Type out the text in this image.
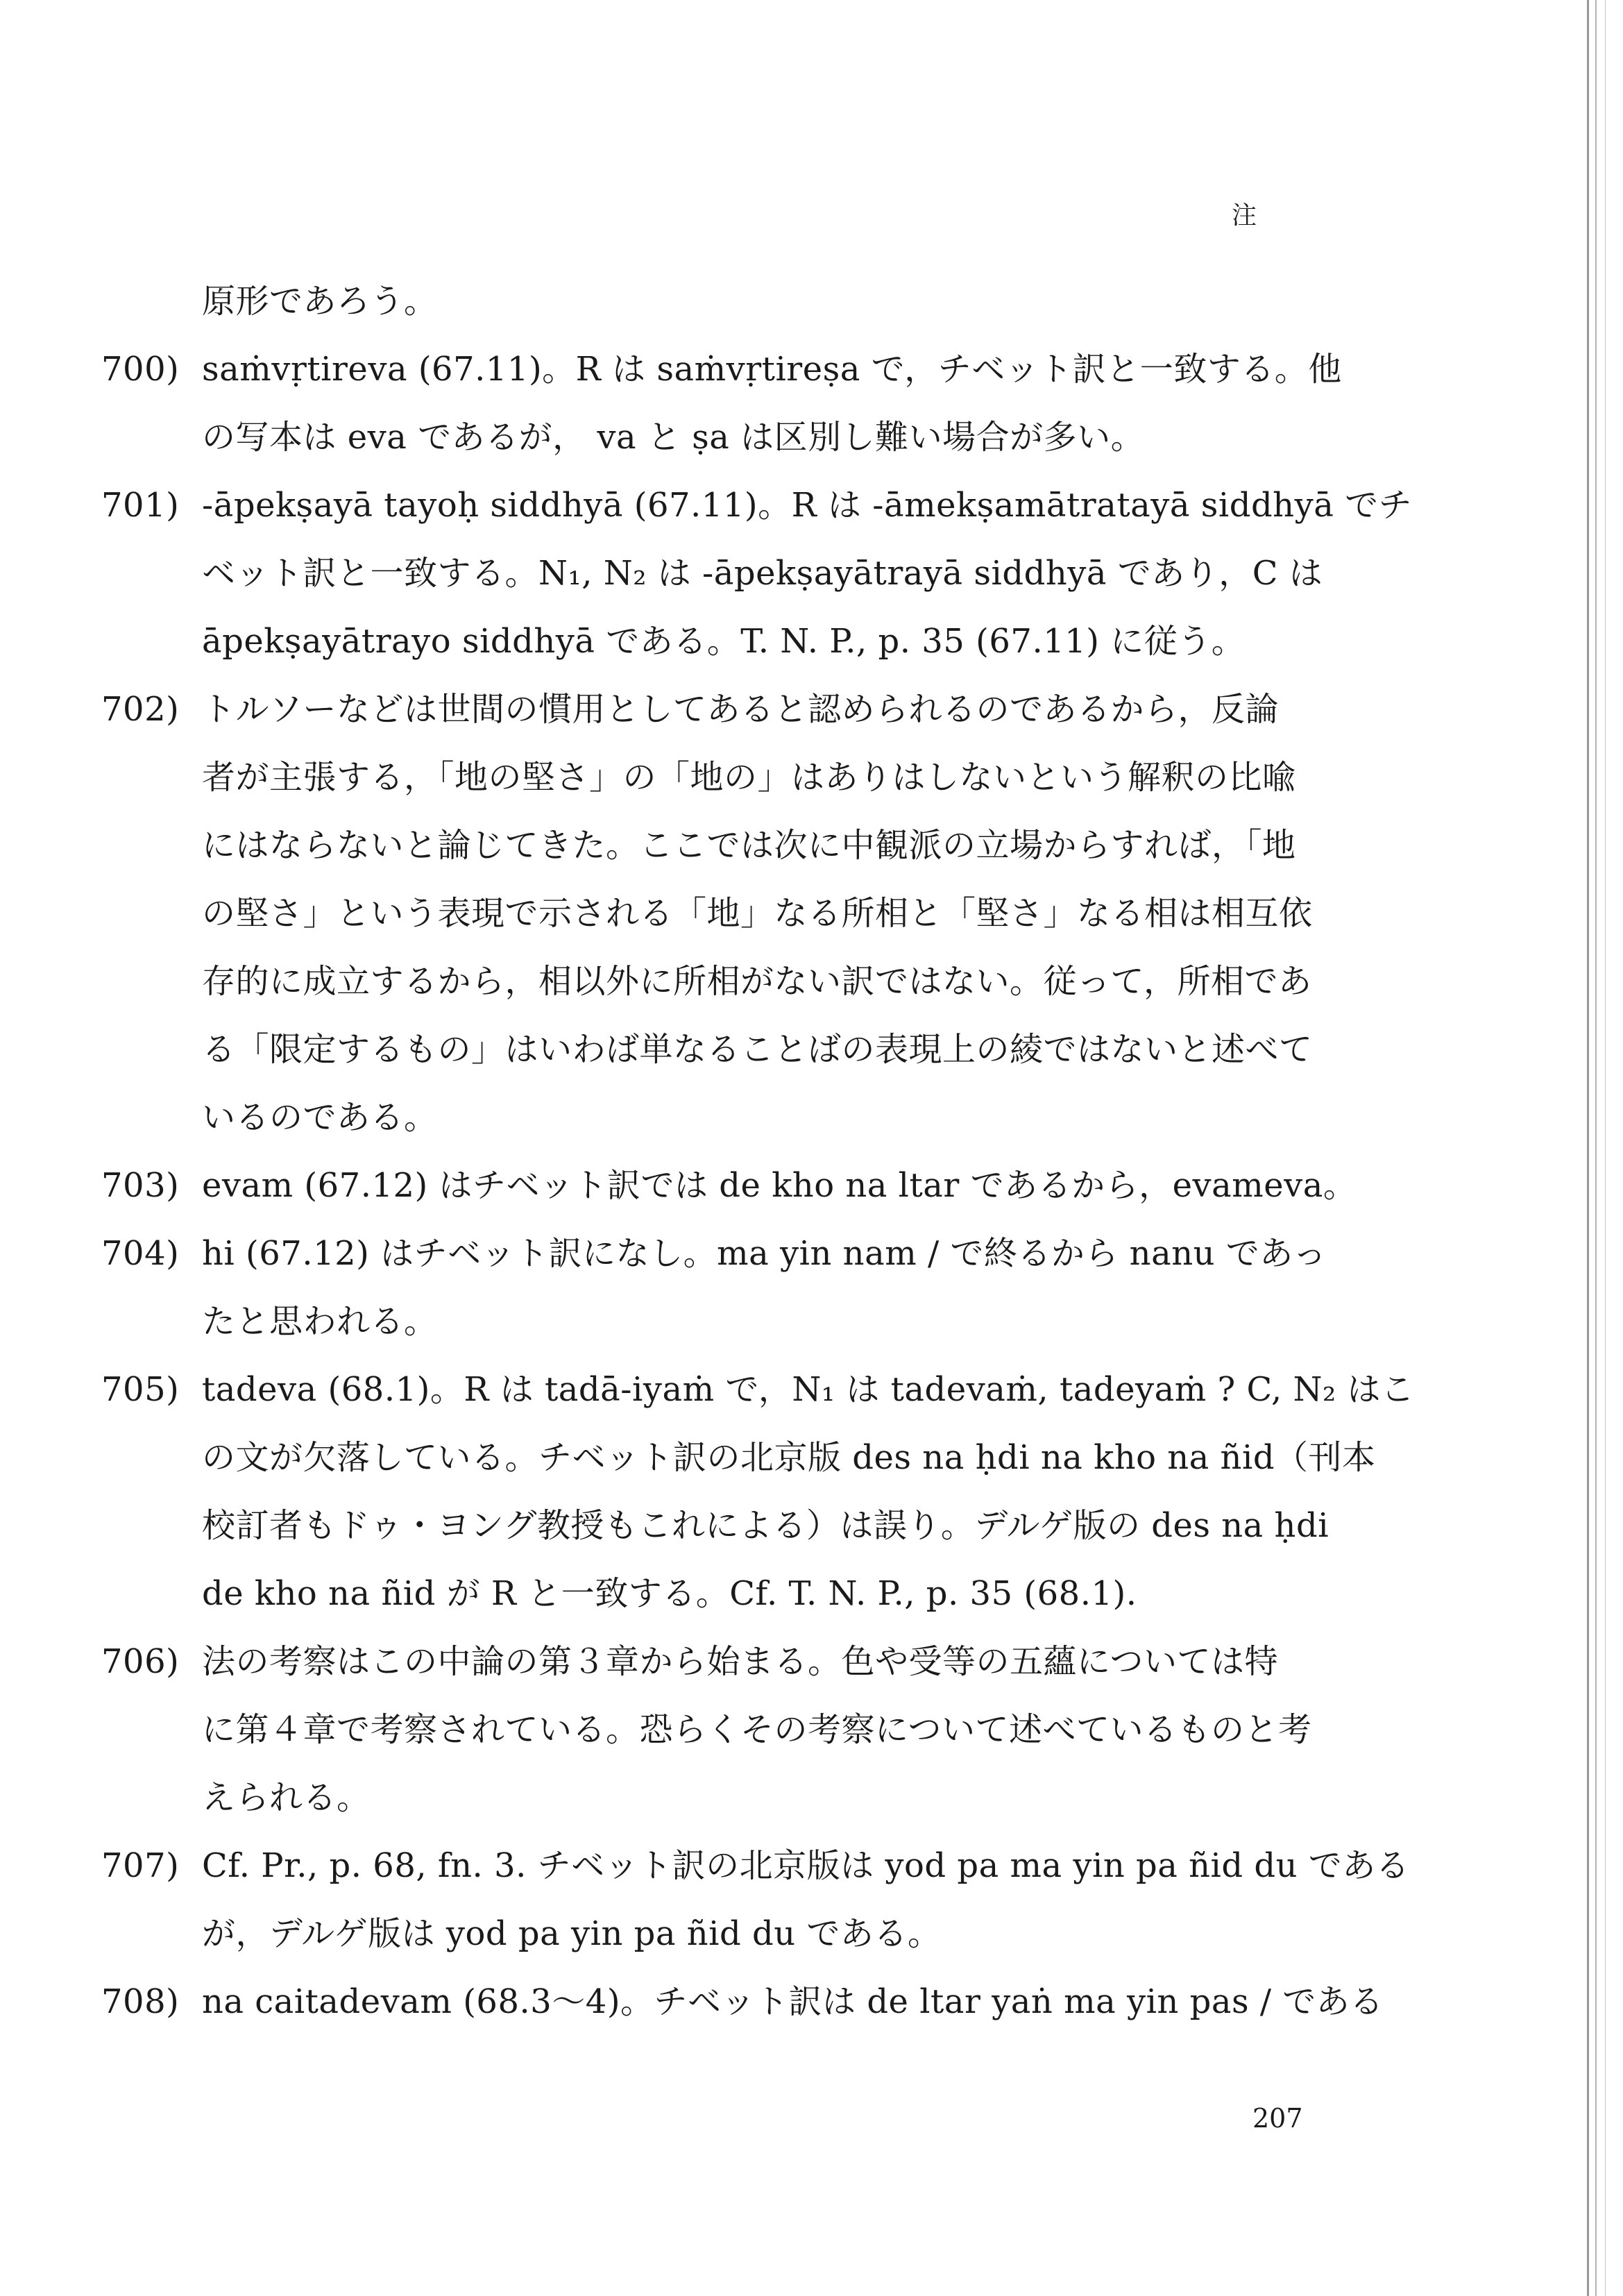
注
原形であろう。
700) saṁvṛtireva (67.11)。R は saṁvṛtireṣa で，チベット訳と一致する。他
の写本は eva であるが， va と ṣa は区別し難い場合が多い。
701) -āpekṣayā tayoḥ siddhyā (67.11)。R は -āmekṣamātratayā siddhyā でチ
ベット訳と一致する。N₁, N₂ は -āpekṣayātrayā siddhyā であり，C は
āpekṣayātrayo siddhyā である。T. N. P., p. 35 (67.11) に従う。
702) トルソーなどは世間の慣用としてあると認められるのであるから，反論
者が主張する，「地の堅さ」の「地の」はありはしないという解釈の比喩
にはならないと論じてきた。ここでは次に中観派の立場からすれば，「地
の堅さ」という表現で示される「地」なる所相と「堅さ」なる相は相互依
存的に成立するから，相以外に所相がない訳ではない。従って，所相であ
る「限定するもの」はいわば単なることばの表現上の綾ではないと述べて
いるのである。
703) evam (67.12) はチベット訳では de kho na ltar であるから，evameva。
704) hi (67.12) はチベット訳になし。ma yin nam / で終るから nanu であっ
たと思われる。
705) tadeva (68.1)。R は tadā-iyaṁ で，N₁ は tadevaṁ, tadeyaṁ ? C, N₂ はこ
の文が欠落している。チベット訳の北京版 des na ḥdi na kho na ñid（刊本
校訂者もドゥ・ヨング教授もこれによる）は誤り。デルゲ版の des na ḥdi
de kho na ñid が R と一致する。Cf. T. N. P., p. 35 (68.1).
706) 法の考察はこの中論の第３章から始まる。色や受等の五蘊については特
に第４章で考察されている。恐らくその考察について述べているものと考
えられる。
707) Cf. Pr., p. 68, fn. 3. チベット訳の北京版は yod pa ma yin pa ñid du である
が，デルゲ版は yod pa yin pa ñid du である。
708) na caitadevam (68.3～4)。チベット訳は de ltar yaṅ ma yin pas / である
207
